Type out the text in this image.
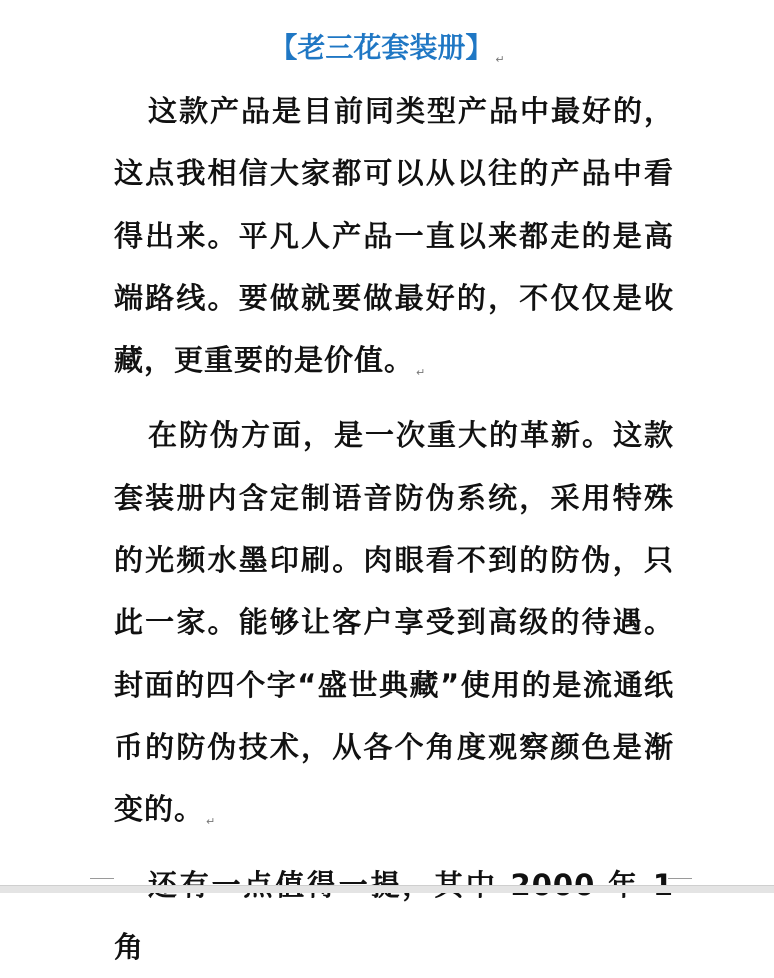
【老三花套装册】 $_↵$

这款产品是目前同类型产品中最好的，这点我相信大家都可以从以往的产品中看得出来。平凡人产品一直以来都走的是高端路线。要做就要做最好的，不仅仅是收藏，更重要的是价值。 $_↵$

在防伪方面，是一次重大的革新。这款套装册内含定制语音防伪系统，采用特殊的光频水墨印刷。肉眼看不到的防伪，只此一家。能够让客户享受到高级的待遇。封面的四个字“盛世典藏”使用的是流通纸币的防伪技术，从各个角度观察颜色是渐变的。 $_↵$

角
